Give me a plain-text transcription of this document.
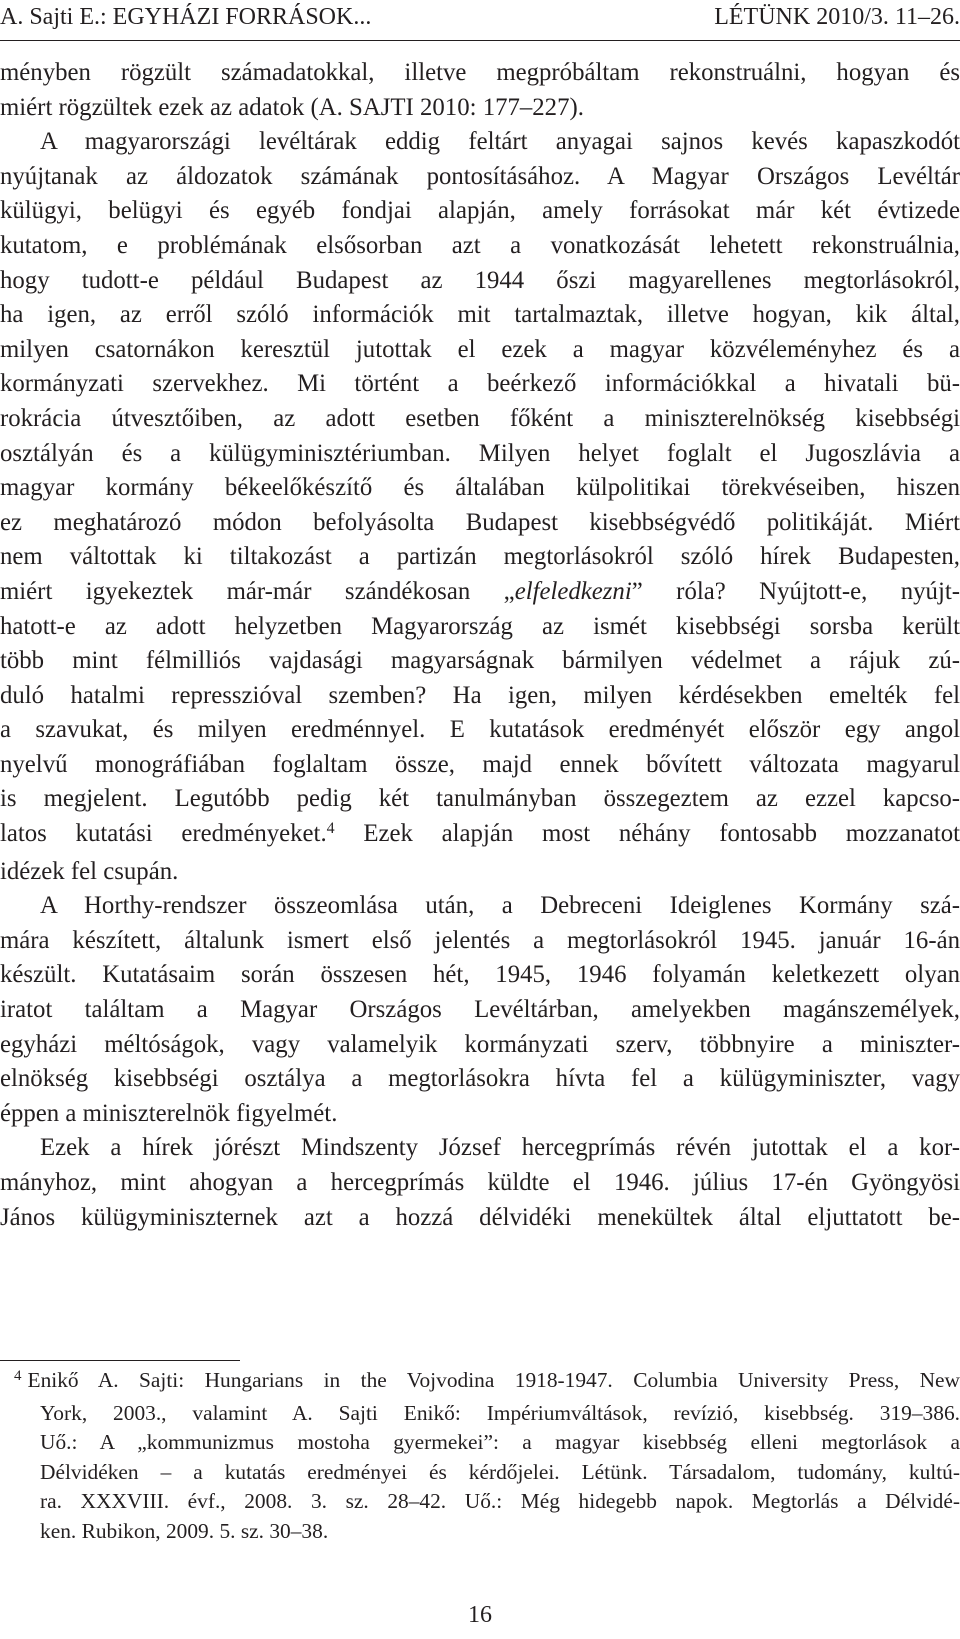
A. Sajti E.: EGYHÁZI FORRÁSOK...	LÉTÜNK 2010/3. 11–26.
ményben rögzült számadatokkal, illetve megpróbáltam rekonstruálni, hogyan és
miért rögzültek ezek az adatok (A. SAJTI 2010: 177–227).
A magyarországi levéltárak eddig feltárt anyagai sajnos kevés kapaszkodót
nyújtanak az áldozatok számának pontosításához. A Magyar Országos Levéltár
külügyi, belügyi és egyéb fondjai alapján, amely forrásokat már két évtizede
kutatom, e problémának elsősorban azt a vonatkozását lehetett rekonstruálnia,
hogy tudott-e például Budapest az 1944 őszi magyarellenes megtorlásokról,
ha igen, az erről szóló információk mit tartalmaztak, illetve hogyan, kik által,
milyen csatornákon keresztül jutottak el ezek a magyar közvéleményhez és a
kormányzati szervekhez. Mi történt a beérkező információkkal a hivatali bü-
rokrácia útvesztőiben, az adott esetben főként a miniszterelnökség kisebbségi
osztályán és a külügyminisztériumban. Milyen helyet foglalt el Jugoszlávia a
magyar kormány békeelőkészítő és általában külpolitikai törekvéseiben, hiszen
ez meghatározó módon befolyásolta Budapest kisebbségvédő politikáját. Miért
nem váltottak ki tiltakozást a partizán megtorlásokról szóló hírek Budapesten,
miért igyekeztek már-már szándékosan „elfeledkezni” róla? Nyújtott-e, nyújt-
hatott-e az adott helyzetben Magyarország az ismét kisebbségi sorsba került
több mint félmilliós vajdasági magyarságnak bármilyen védelmet a rájuk zú-
duló hatalmi represszióval szemben? Ha igen, milyen kérdésekben emelték fel
a szavukat, és milyen eredménnyel. E kutatások eredményét először egy angol
nyelvű monográfiában foglaltam össze, majd ennek bővített változata magyarul
is megjelent. Legutóbb pedig két tanulmányban összegeztem az ezzel kapcso-
latos kutatási eredményeket.$^4$ Ezek alapján most néhány fontosabb mozzanatot
idézek fel csupán.
A Horthy-rendszer összeomlása után, a Debreceni Ideiglenes Kormány szá-
mára készített, általunk ismert első jelentés a megtorlásokról 1945. január 16-án
készült. Kutatásaim során összesen hét, 1945, 1946 folyamán keletkezett olyan
iratot találtam a Magyar Országos Levéltárban, amelyekben magánszemélyek,
egyházi méltóságok, vagy valamelyik kormányzati szerv, többnyire a miniszter-
elnökség kisebbségi osztálya a megtorlásokra hívta fel a külügyminiszter, vagy
éppen a miniszterelnök figyelmét.
Ezek a hírek jórészt Mindszenty József hercegprímás révén jutottak el a kor-
mányhoz, mint ahogyan a hercegprímás küldte el 1946. július 17-én Gyöngyösi
János külügyminiszternek azt a hozzá délvidéki menekültek által eljuttatott be-
$^4$ Enikő A. Sajti: Hungarians in the Vojvodina 1918-1947. Columbia University Press, New
York, 2003., valamint A. Sajti Enikő: Impériumváltások, revízió, kisebbség. 319–386.
Uő.: A „kommunizmus mostoha gyermekei”: a magyar kisebbség elleni megtorlások a
Délvidéken – a kutatás eredményei és kérdőjelei. Létünk. Társadalom, tudomány, kultú-
ra. XXXVIII. évf., 2008. 3. sz. 28–42. Uő.: Még hidegebb napok. Megtorlás a Délvidé-
ken. Rubikon, 2009. 5. sz. 30–38.
16
